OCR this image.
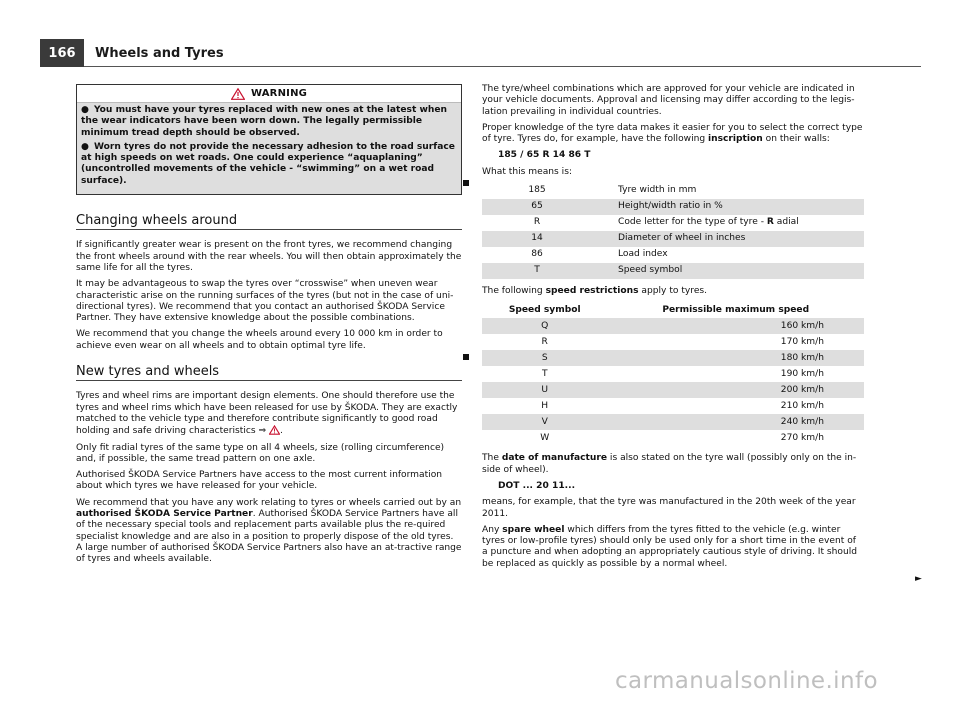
166	Wheels and Tyres
WARNING

● You must have your tyres replaced with new ones at the latest when the wear indicators have been worn down. The legally permissible minimum tread depth should be observed.

● Worn tyres do not provide the necessary adhesion to the road surface at high speeds on wet roads. One could experience “aquaplaning” (uncontrolled movements of the vehicle - “swimming” on a wet road surface).

Changing wheels around

If significantly greater wear is present on the front tyres, we recommend changing the front wheels around with the rear wheels. You will then obtain approximately the same life for all the tyres.

It may be advantageous to swap the tyres over “crosswise” when uneven wear characteristic arise on the running surfaces of the tyres (but not in the case of uni-directional tyres). We recommend that you contact an authorised ŠKODA Service Partner. They have extensive knowledge about the possible combinations.

We recommend that you change the wheels around every 10 000 km in order to achieve even wear on all wheels and to obtain optimal tyre life.

New tyres and wheels

Tyres and wheel rims are important design elements. One should therefore use the tyres and wheel rims which have been released for use by ŠKODA. They are exactly matched to the vehicle type and therefore contribute significantly to good road holding and safe driving characteristics ⇒ .

Only fit radial tyres of the same type on all 4 wheels, size (rolling circumference) and, if possible, the same tread pattern on one axle.

Authorised ŠKODA Service Partners have access to the most current information about which tyres we have released for your vehicle.

We recommend that you have any work relating to tyres or wheels carried out by an authorised ŠKODA Service Partner. Authorised ŠKODA Service Partners have all of the necessary special tools and replacement parts available plus the re-quired specialist knowledge and are also in a position to properly dispose of the old tyres. A large number of authorised ŠKODA Service Partners also have an at-tractive range of tyres and wheels available.

The tyre/wheel combinations which are approved for your vehicle are indicated in your vehicle documents. Approval and licensing may differ according to the legis-lation prevailing in individual countries.

Proper knowledge of the tyre data makes it easier for you to select the correct type of tyre. Tyres do, for example, have the following inscription on their walls:

185 / 65 R 14 86 T

What this means is:

185	Tyre width in mm
65	Height/width ratio in %
R	Code letter for the type of tyre - R adial
14	Diameter of wheel in inches
86	Load index
T	Speed symbol

The following speed restrictions apply to tyres.

Speed symbol	Permissible maximum speed
Q	160 km/h
R	170 km/h
S	180 km/h
T	190 km/h
U	200 km/h
H	210 km/h
V	240 km/h
W	270 km/h

The date of manufacture is also stated on the tyre wall (possibly only on the in-side of wheel).

DOT ... 20 11...

means, for example, that the tyre was manufactured in the 20th week of the year 2011.

Any spare wheel which differs from the tyres fitted to the vehicle (e.g. winter tyres or low-profile tyres) should only be used only for a short time in the event of a puncture and when adopting an appropriately cautious style of driving. It should be replaced as quickly as possible by a normal wheel.

►
carmanualsonline.info
